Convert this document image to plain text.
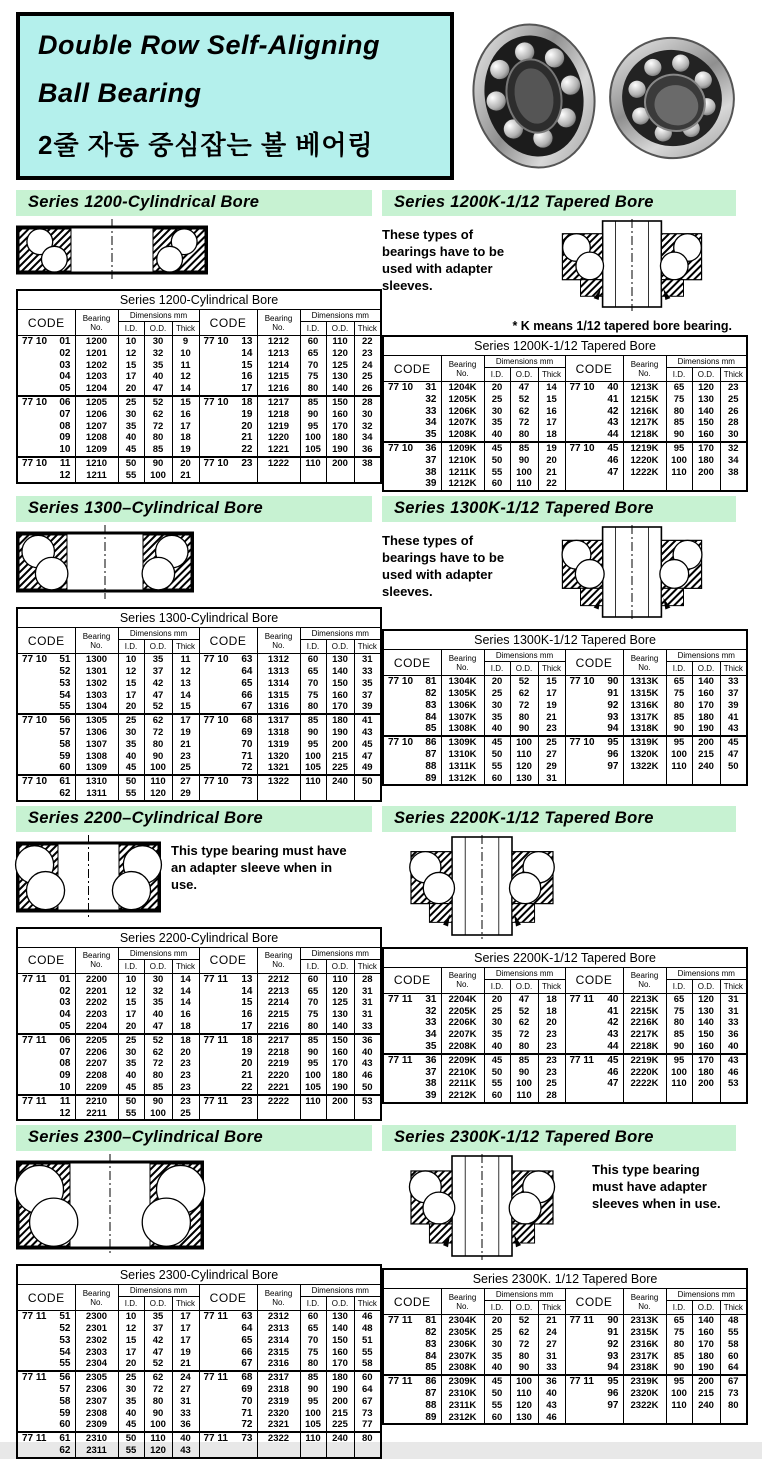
Double Row Self-Aligning
Ball Bearing
2줄 자동 중심잡는 볼 베어링
Series 1200-Cylindrical Bore
Series 1200-Cylindrical Bore									
CODE	Bearing No.	Dimensions mm			CODE	Bearing No.	Dimensions mm		
		I.D.	O.D.	Thick			I.D.	O.D.	Thick

77 10 01	1200	10	30	9	77 10 13	1212	60	110	22

02	1201	12	32	10	14	1213	65	120	23

03	1202	15	35	11	15	1214	70	125	24

04	1203	17	40	12	16	1215	75	130	25

05	1204	20	47	14	17	1216	80	140	26

77 10 06	1205	25	52	15	77 10 18	1217	85	150	28

07	1206	30	62	16	19	1218	90	160	30

08	1207	35	72	17	20	1219	95	170	32

09	1208	40	80	18	21	1220	100	180	34

10	1209	45	85	19	22	1221	105	190	36

77 10 11	1210	50	90	20	77 10 23	1222	110	200	38

12	1211	55	100	21	

Series 1200K-1/12 Tapered Bore
These types of bearings have to be used with adapter sleeves.
* K means 1/12 tapered bore bearing.
Series 1200K-1/12 Tapered Bore									
CODE	Bearing No.	Dimensions mm			CODE	Bearing No.	Dimensions mm		
		I.D.	O.D.	Thick			I.D.	O.D.	Thick

77 10 31	1204K	20	47	14	77 10 40	1213K	65	120	23

32	1205K	25	52	15	41	1215K	75	130	25

33	1206K	30	62	16	42	1216K	80	140	26

34	1207K	35	72	17	43	1217K	85	150	28

35	1208K	40	80	18	44	1218K	90	160	30

77 10 36	1209K	45	85	19	77 10 45	1219K	95	170	32

37	1210K	50	90	20	46	1220K	100	180	34

38	1211K	55	100	21	47	1222K	110	200	38

39	1212K	60	110	22	

Series 1300–Cylindrical Bore
Series 1300-Cylindrical Bore									
CODE	Bearing No.	Dimensions mm			CODE	Bearing No.	Dimensions mm		
		I.D.	O.D.	Thick			I.D.	O.D.	Thick

77 10 51	1300	10	35	11	77 10 63	1312	60	130	31

52	1301	12	37	12	64	1313	65	140	33

53	1302	15	42	13	65	1314	70	150	35

54	1303	17	47	14	66	1315	75	160	37

55	1304	20	52	15	67	1316	80	170	39

77 10 56	1305	25	62	17	77 10 68	1317	85	180	41

57	1306	30	72	19	69	1318	90	190	43

58	1307	35	80	21	70	1319	95	200	45

59	1308	40	90	23	71	1320	100	215	47

60	1309	45	100	25	72	1321	105	225	49

77 10 61	1310	50	110	27	77 10 73	1322	110	240	50

62	1311	55	120	29	

Series 1300K-1/12 Tapered Bore
These types of bearings have to be used with adapter sleeves.
Series 1300K-1/12 Tapered Bore									
CODE	Bearing No.	Dimensions mm			CODE	Bearing No.	Dimensions mm		
		I.D.	O.D.	Thick			I.D.	O.D.	Thick

77 10 81	1304K	20	52	15	77 10 90	1313K	65	140	33

82	1305K	25	62	17	91	1315K	75	160	37

83	1306K	30	72	19	92	1316K	80	170	39

84	1307K	35	80	21	93	1317K	85	180	41

85	1308K	40	90	23	94	1318K	90	190	43

77 10 86	1309K	45	100	25	77 10 95	1319K	95	200	45

87	1310K	50	110	27	96	1320K	100	215	47

88	1311K	55	120	29	97	1322K	110	240	50

89	1312K	60	130	31	

Series 2200–Cylindrical Bore
This type bearing must have an adapter sleeve when in use.
Series 2200-Cylindrical Bore									
CODE	Bearing No.	Dimensions mm			CODE	Bearing No.	Dimensions mm		
		I.D.	O.D.	Thick			I.D.	O.D.	Thick

77 11 01	2200	10	30	14	77 11 13	2212	60	110	28

02	2201	12	32	14	14	2213	65	120	31

03	2202	15	35	14	15	2214	70	125	31

04	2203	17	40	16	16	2215	75	130	31

05	2204	20	47	18	17	2216	80	140	33

77 11 06	2205	25	52	18	77 11 18	2217	85	150	36

07	2206	30	62	20	19	2218	90	160	40

08	2207	35	72	23	20	2219	95	170	43

09	2208	40	80	23	21	2220	100	180	46

10	2209	45	85	23	22	2221	105	190	50

77 11 11	2210	50	90	23	77 11 23	2222	110	200	53

12	2211	55	100	25	

Series 2200K-1/12 Tapered Bore
Series 2200K-1/12 Tapered Bore									
CODE	Bearing No.	Dimensions mm			CODE	Bearing No.	Dimensions mm		
		I.D.	O.D.	Thick			I.D.	O.D.	Thick

77 11 31	2204K	20	47	18	77 11 40	2213K	65	120	31

32	2205K	25	52	18	41	2215K	75	130	31

33	2206K	30	62	20	42	2216K	80	140	33

34	2207K	35	72	23	43	2217K	85	150	36

35	2208K	40	80	23	44	2218K	90	160	40

77 11 36	2209K	45	85	23	77 11 45	2219K	95	170	43

37	2210K	50	90	23	46	2220K	100	180	46

38	2211K	55	100	25	47	2222K	110	200	53

39	2212K	60	110	28	

Series 2300–Cylindrical Bore
Series 2300-Cylindrical Bore									
CODE	Bearing No.	Dimensions mm			CODE	Bearing No.	Dimensions mm		
		I.D.	O.D.	Thick			I.D.	O.D.	Thick

77 11 51	2300	10	35	17	77 11 63	2312	60	130	46

52	2301	12	37	17	64	2313	65	140	48

53	2302	15	42	17	65	2314	70	150	51

54	2303	17	47	19	66	2315	75	160	55

55	2304	20	52	21	67	2316	80	170	58

77 11 56	2305	25	62	24	77 11 68	2317	85	180	60

57	2306	30	72	27	69	2318	90	190	64

58	2307	35	80	31	70	2319	95	200	67

59	2308	40	90	33	71	2320	100	215	73

60	2309	45	100	36	72	2321	105	225	77

77 11 61	2310	50	110	40	77 11 73	2322	110	240	80

62	2311	55	120	43	

Series 2300K-1/12 Tapered Bore
This type bearing must have adapter sleeves when in use.
Series 2300K. 1/12 Tapered Bore									
CODE	Bearing No.	Dimensions mm			CODE	Bearing No.	Dimensions mm		
		I.D.	O.D.	Thick			I.D.	O.D.	Thick

77 11 81	2304K	20	52	21	77 11 90	2313K	65	140	48

82	2305K	25	62	24	91	2315K	75	160	55

83	2306K	30	72	27	92	2316K	80	170	58

84	2307K	35	80	31	93	2317K	85	180	60

85	2308K	40	90	33	94	2318K	90	190	64

77 11 86	2309K	45	100	36	77 11 95	2319K	95	200	67

87	2310K	50	110	40	96	2320K	100	215	73

88	2311K	55	120	43	97	2322K	110	240	80

89	2312K	60	130	46	
